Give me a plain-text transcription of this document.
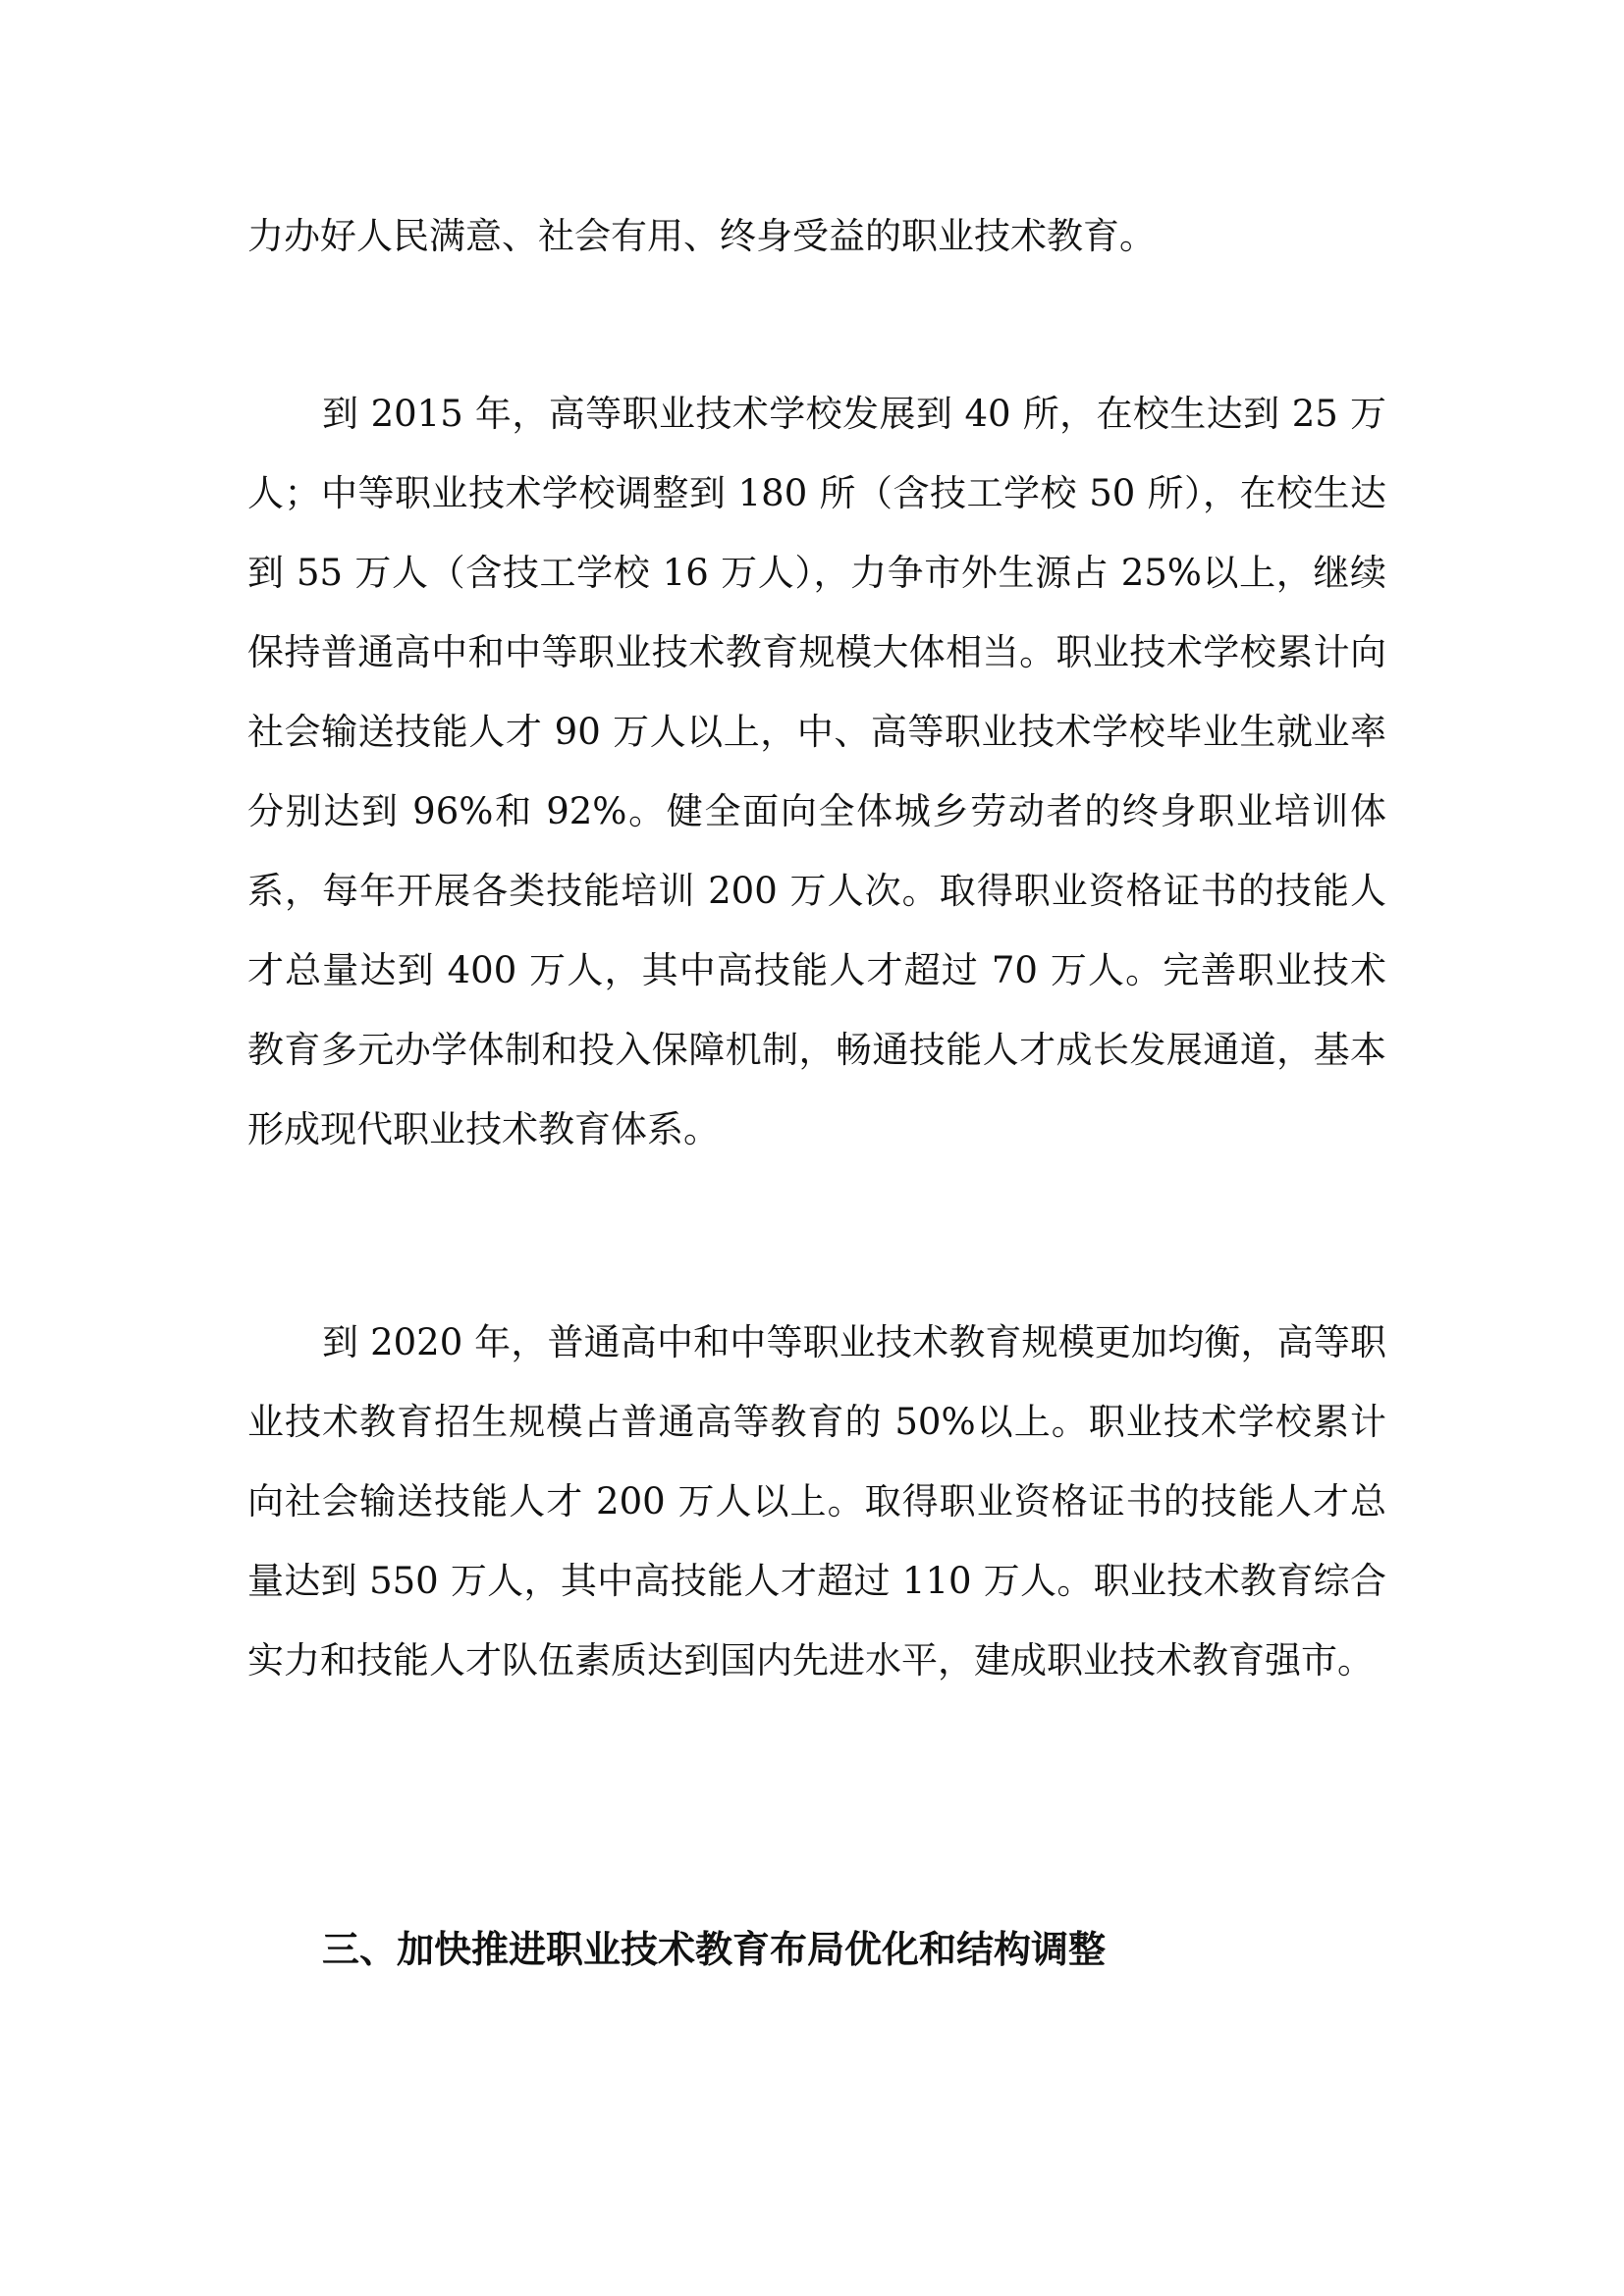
力办好人民满意、社会有用、终身受益的职业技术教育。

到 2015 年，高等职业技术学校发展到 40 所，在校生达到 25 万人；中等职业技术学校调整到 180 所（含技工学校 50 所），在校生达到 55 万人（含技工学校 16 万人），力争市外生源占 25%以上，继续保持普通高中和中等职业技术教育规模大体相当。职业技术学校累计向社会输送技能人才 90 万人以上，中、高等职业技术学校毕业生就业率分别达到 96%和 92%。健全面向全体城乡劳动者的终身职业培训体系，每年开展各类技能培训 200 万人次。取得职业资格证书的技能人才总量达到 400 万人，其中高技能人才超过 70 万人。完善职业技术教育多元办学体制和投入保障机制，畅通技能人才成长发展通道，基本形成现代职业技术教育体系。

到 2020 年，普通高中和中等职业技术教育规模更加均衡，高等职业技术教育招生规模占普通高等教育的 50%以上。职业技术学校累计向社会输送技能人才 200 万人以上。取得职业资格证书的技能人才总量达到 550 万人，其中高技能人才超过 110 万人。职业技术教育综合实力和技能人才队伍素质达到国内先进水平，建成职业技术教育强市。

三、加快推进职业技术教育布局优化和结构调整
